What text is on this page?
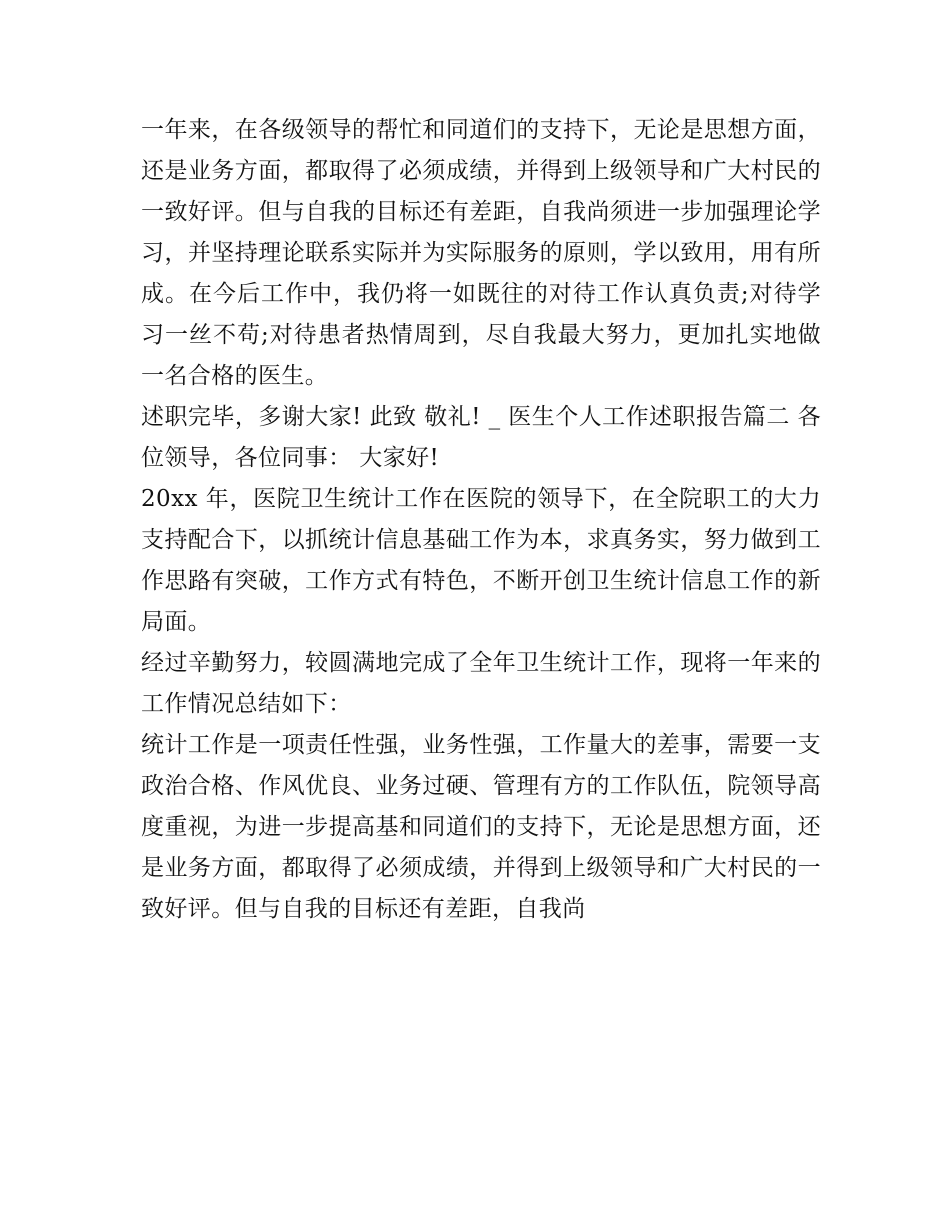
一年来，在各级领导的帮忙和同道们的支持下，无论是思想方面，还是业务方面，都取得了必须成绩，并得到上级领导和广大村民的一致好评。但与自我的目标还有差距，自我尚须进一步加强理论学习，并坚持理论联系实际并为实际服务的原则，学以致用，用有所成。在今后工作中，我仍将一如既往的对待工作认真负责;对待学习一丝不苟;对待患者热情周到，尽自我最大努力，更加扎实地做一名合格的医生。

述职完毕，多谢大家! 此致 敬礼! _ 医生个人工作述职报告篇二 各位领导，各位同事： 大家好!

20xx 年，医院卫生统计工作在医院的领导下，在全院职工的大力支持配合下，以抓统计信息基础工作为本，求真务实，努力做到工作思路有突破，工作方式有特色，不断开创卫生统计信息工作的新局面。

经过辛勤努力，较圆满地完成了全年卫生统计工作，现将一年来的工作情况总结如下：

统计工作是一项责任性强，业务性强，工作量大的差事，需要一支政治合格、作风优良、业务过硬、管理有方的工作队伍，院领导高度重视，为进一步提高基和同道们的支持下，无论是思想方面，还是业务方面，都取得了必须成绩，并得到上级领导和广大村民的一致好评。但与自我的目标还有差距，自我尚
